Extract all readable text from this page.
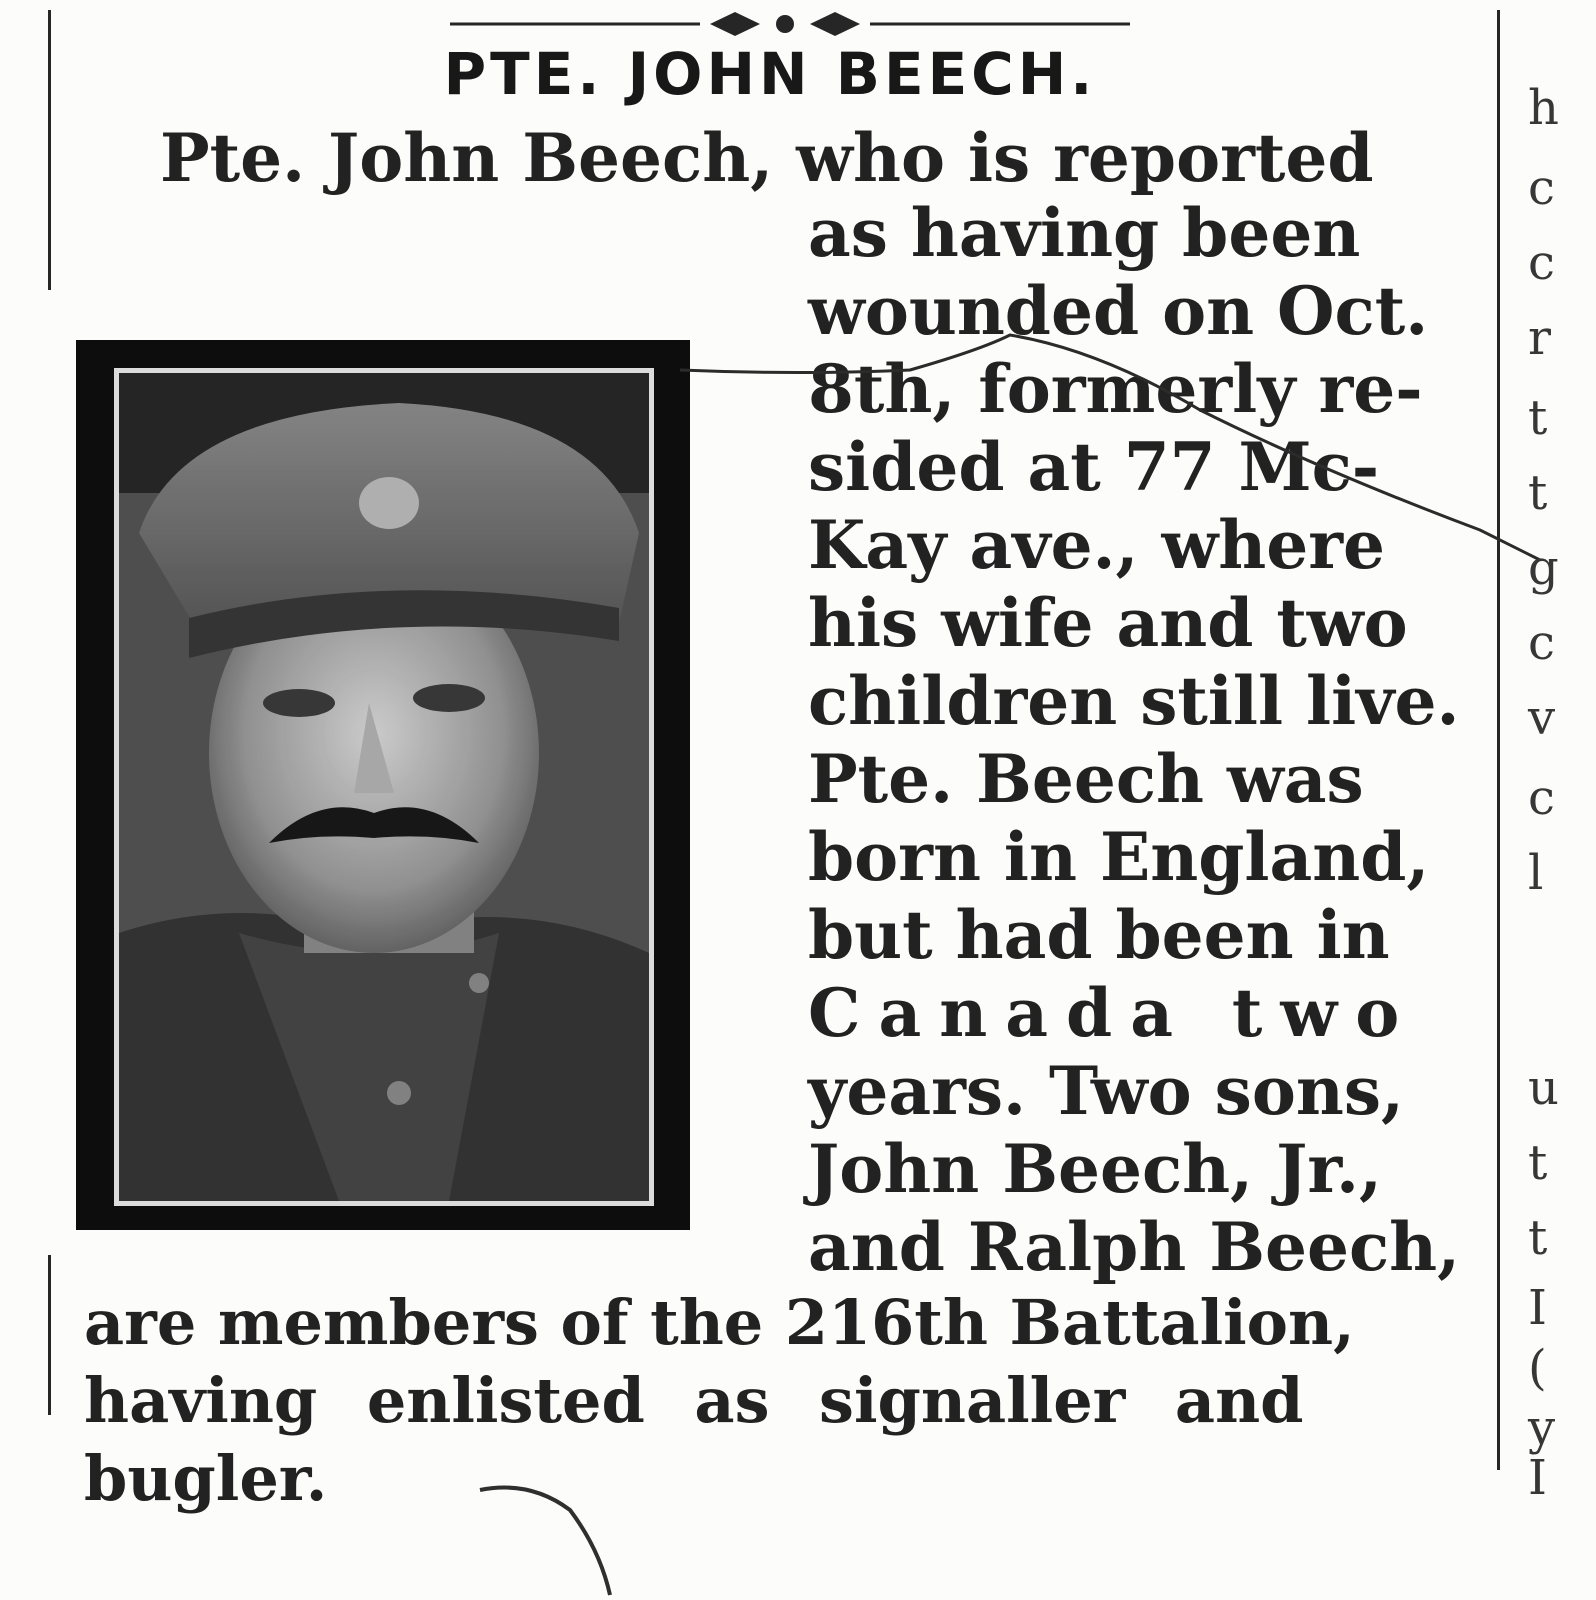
PTE. JOHN BEECH.
Pte. John Beech, who is reported
as having been
wounded on Oct.
8th, formerly re-
sided at 77 Mc-
Kay ave., where
his wife and two
children still live.
Pte. Beech was
born in England,
but had been in
Canada two
years. Two sons,
John Beech, Jr.,
and Ralph Beech,
are members of the 216th Battalion,
having enlisted as signaller and
bugler.
h
c
c
r
t
t
g
c
v
c
l
u
t
t
I
(
y
I
